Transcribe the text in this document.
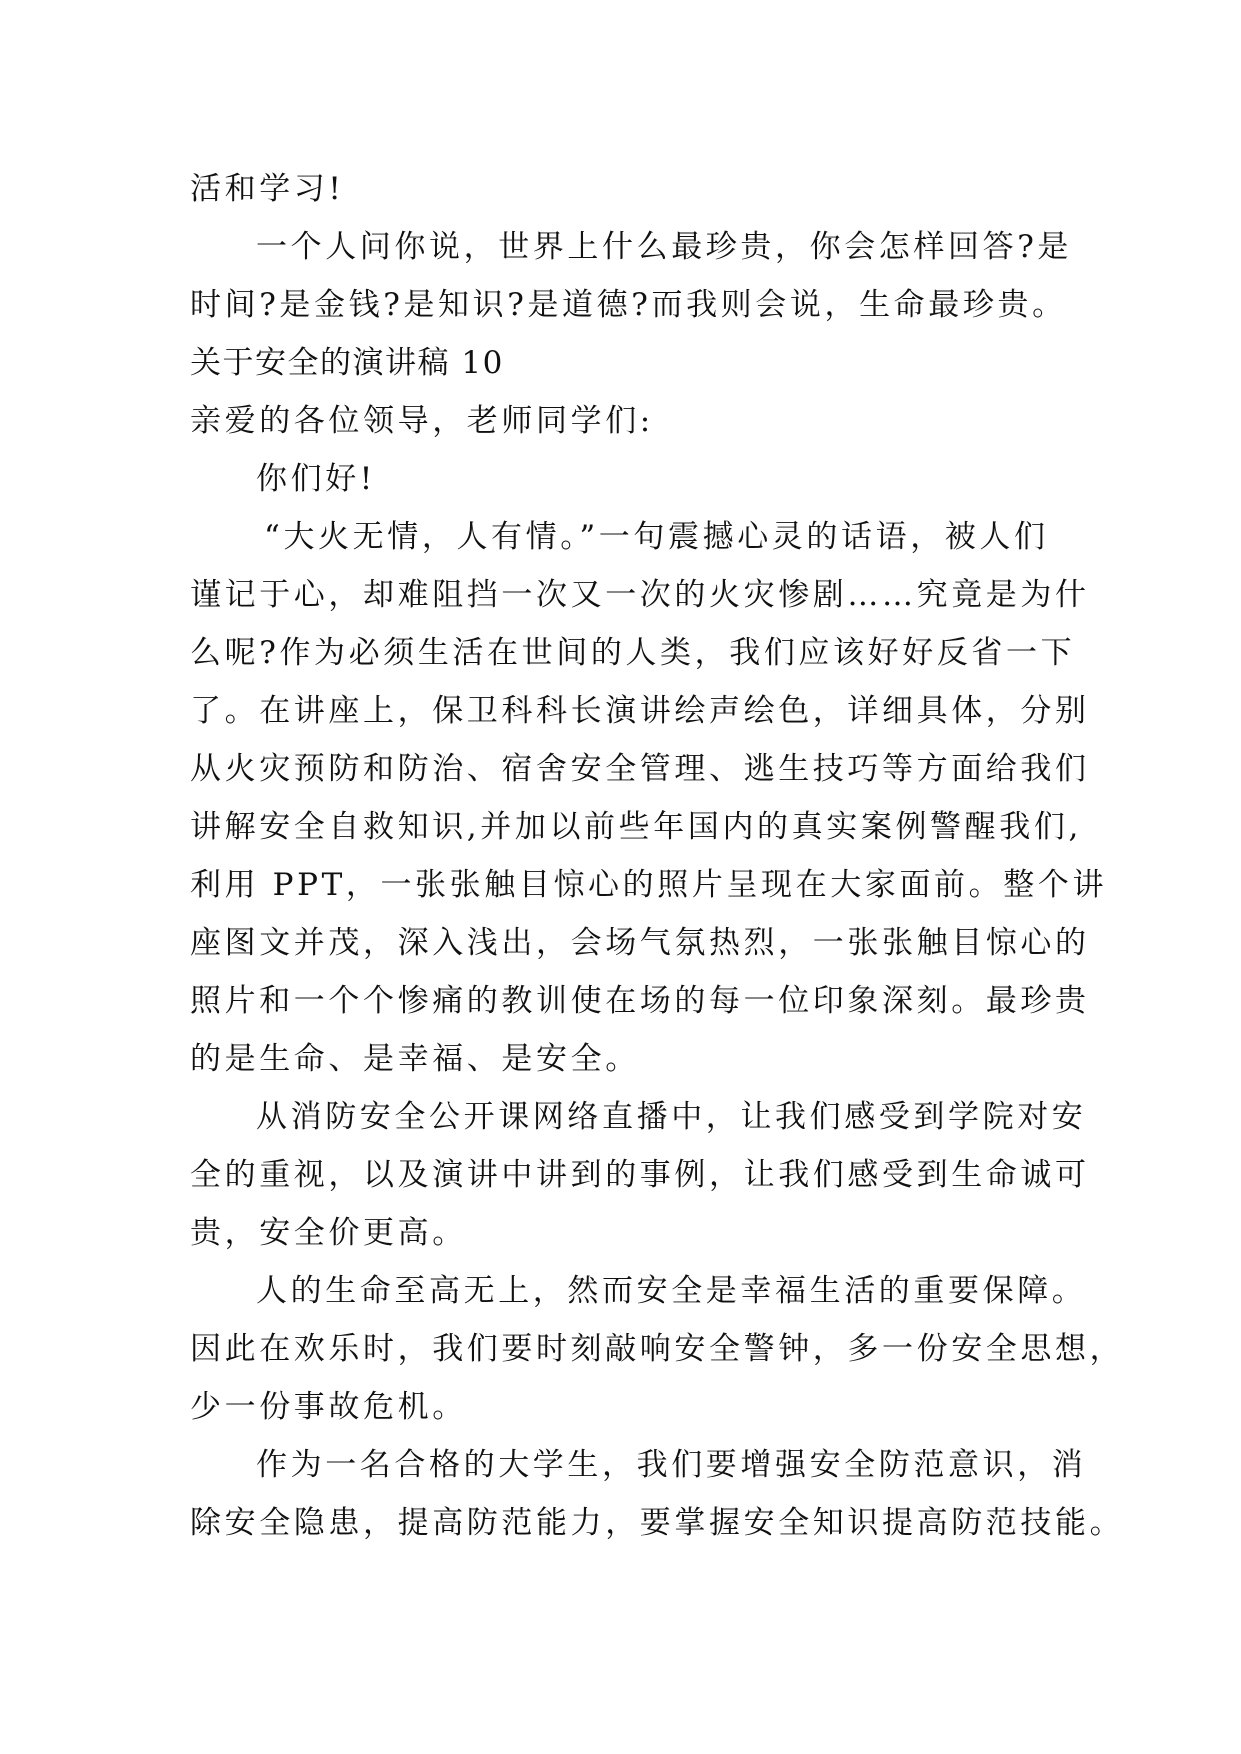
活和学习!
一个人问你说，世界上什么最珍贵，你会怎样回答?是
时间?是金钱?是知识?是道德?而我则会说，生命最珍贵。
关于安全的演讲稿 10
亲爱的各位领导，老师同学们:
你们好!
“大火无情，人有情。”一句震撼心灵的话语，被人们
谨记于心，却难阻挡一次又一次的火灾惨剧……究竟是为什
么呢?作为必须生活在世间的人类，我们应该好好反省一下
了。在讲座上，保卫科科长演讲绘声绘色，详细具体，分别
从火灾预防和防治、宿舍安全管理、逃生技巧等方面给我们
讲解安全自救知识,并加以前些年国内的真实案例警醒我们,
利用 PPT，一张张触目惊心的照片呈现在大家面前。整个讲
座图文并茂，深入浅出，会场气氛热烈，一张张触目惊心的
照片和一个个惨痛的教训使在场的每一位印象深刻。最珍贵
的是生命、是幸福、是安全。
从消防安全公开课网络直播中，让我们感受到学院对安
全的重视，以及演讲中讲到的事例，让我们感受到生命诚可
贵，安全价更高。
人的生命至高无上，然而安全是幸福生活的重要保障。
因此在欢乐时，我们要时刻敲响安全警钟，多一份安全思想，
少一份事故危机。
作为一名合格的大学生，我们要增强安全防范意识，消
除安全隐患，提高防范能力，要掌握安全知识提高防范技能。
